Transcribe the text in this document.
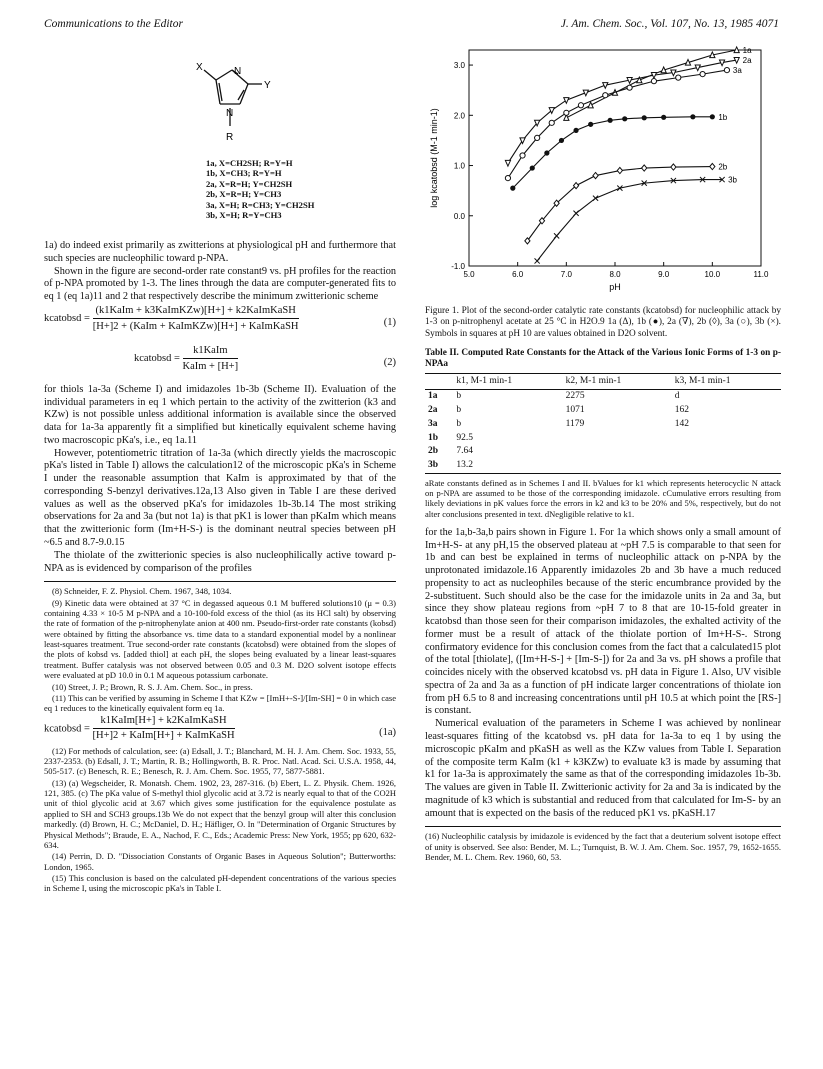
Communications to the Editor	J. Am. Chem. Soc., Vol. 107, No. 13, 1985 4071
X	N
Y
N
R
1a, X=CH2SH; R=Y=H
1b, X=CH3; R=Y=H
2a, X=R=H; Y=CH2SH
2b, X=R=H; Y=CH3
3a, X=H; R=CH3; Y=CH2SH
3b, X=H; R=Y=CH3

1a) do indeed exist primarily as zwitterions at physiological pH and furthermore that such species are nucleophilic toward p-NPA.

Shown in the figure are second-order rate constant9 vs. pH profiles for the reaction of p-NPA promoted by 1-3. The lines through the data are computer-generated fits to eq 1 (eq 1a)11 and 2 that respectively describe the minimum zwitterionic scheme

kcatobsd = $\frac{\text{(k1KaIm + k3KaImKZw)[H+] + k2KaImKaSH}}{\text{[H+]2 + (KaIm + KaImKZw)[H+] + KaImKaSH}}$	(1)
kcatobsd = $\frac{\text{k1KaIm}}{\text{KaIm + [H+]}}$	(2)

for thiols 1a-3a (Scheme I) and imidazoles 1b-3b (Scheme II). Evaluation of the individual parameters in eq 1 which pertain to the activity of the zwitterion (k3 and KZw) is not possible unless additional information is available since the observed data for 1a-3a apparently fit a simplified but kinetically equivalent scheme having two macroscopic pKa's, i.e., eq 1a.11

However, potentiometric titration of 1a-3a (which directly yields the macroscopic pKa's listed in Table I) allows the calculation12 of the microscopic pKa's in Scheme I under the reasonable assumption that KaIm is approximated by that of the corresponding S-benzyl derivatives.12a,13 Also given in Table I are these derived values as well as the observed pKa's for imidazoles 1b-3b.14 The most striking observations for 2a and 3a (but not 1a) is that pK1 is lower than pKaIm which means that the zwitterionic form (Im+H-S-) is the dominant neutral species between pH ~6.5 and 8.7-9.0.15

The thiolate of the zwitterionic species is also nucleophilically active toward p-NPA as is evidenced by comparison of the profiles

(8) Schneider, F. Z. Physiol. Chem. 1967, 348, 1034.
(9) Kinetic data were obtained at 37 °C in degassed aqueous 0.1 M buffered solutions10 (μ = 0.3) containing 4.33 × 10-5 M p-NPA and a 10-100-fold excess of the thiol (as its HCl salt) by observing the rate of formation of the p-nitrophenylate anion at 400 nm. Pseudo-first-order rate constants (kobsd) were obtained by fitting the absorbance vs. time data to a standard exponential model by a nonlinear least-squares treatment. True second-order rate constants (kcatobsd) were obtained from the slopes of the plots of kobsd vs. [added thiol] at each pH, the slopes being evaluated by a linear least-squares treatment. Buffer catalysis was not observed between 0.05 and 0.3 M. D2O solvent isotope effects were evaluated at pD 10.0 in 0.1 M aqueous potassium carbonate.
(10) Street, J. P.; Brown, R. S. J. Am. Chem. Soc., in press.
(11) This can be verified by assuming in Scheme I that KZw = [ImH+-S-]/[Im-SH] = 0 in which case eq 1 reduces to the kinetically equivalent form eq 1a.
kcatobsd = $\frac{\text{k1KaIm[H+] + k2KaImKaSH}}{\text{[H+]2 + KaIm[H+] + KaImKaSH}}$	(1a)
(12) For methods of calculation, see: (a) Edsall, J. T.; Blanchard, M. H. J. Am. Chem. Soc. 1933, 55, 2337-2353. (b) Edsall, J. T.; Martin, R. B.; Hollingworth, B. R. Proc. Natl. Acad. Sci. U.S.A. 1958, 44, 505-517. (c) Benesch, R. E.; Benesch, R. J. Am. Chem. Soc. 1955, 77, 5877-5881.
(13) (a) Wegscheider, R. Monatsh. Chem. 1902, 23, 287-316. (b) Ebert, L. Z. Physik. Chem. 1926, 121, 385. (c) The pKa value of S-methyl thiol glycolic acid at 3.72 is nearly equal to that of the CO2H unit of thiol glycolic acid at 3.67 which gives some justification for the equivalence postulate as applied to SH and SCH3 groups.13b We do not expect that the benzyl group will alter this conclusion markedly. (d) Brown, H. C.; McDaniel, D. H.; Häfliger, O. In "Determination of Organic Structures by Physical Methods"; Braude, E. A., Nachod, F. C., Eds.; Academic Press: New York, 1955; pp 620, 632-634.
(14) Perrin, D. D. "Dissociation Constants of Organic Bases in Aqueous Solution"; Butterworths: London, 1965.
(15) This conclusion is based on the calculated pH-dependent concentrations of the various species in Scheme I, using the microscopic pKa's in Table I.
5.0	6.0	7.0	8.0	9.0	10.0	11.0
-1.0
0.0
1.0
2.0
3.0
pH
log kcatobsd (M-1 min-1)
1a
1b
2a
2b
3a
3b
Figure 1. Plot of the second-order catalytic rate constants (kcatobsd) for nucleophilic attack by 1-3 on p-nitrophenyl acetate at 25 °C in H2O.9 1a (Δ), 1b (●), 2a (∇), 2b (◊), 3a (○), 3b (×). Symbols in squares at pH 10 are values obtained in D2O solvent.
Table II. Computed Rate Constants for the Attack of the Various Ionic Forms of 1-3 on p-NPAa
	k1, M-1 min-1	k2, M-1 min-1	k3, M-1 min-1
1a	b	2275	d
2a	b	1071	162
3a	b	1179	142
1b	92.5		
2b	7.64		
3b	13.2		
aRate constants defined as in Schemes I and II. bValues for k1 which represents heterocyclic N attack on p-NPA are assumed to be those of the corresponding imidazole. cCumulative errors resulting from likely deviations in pK values force the errors in k2 and k3 to be 20% and 5%, respectively, but do not alter conclusions presented in text. dNegligible relative to k1.

for the 1a,b-3a,b pairs shown in Figure 1. For 1a which shows only a small amount of Im+H-S- at any pH,15 the observed plateau at ~pH 7.5 is comparable to that seen for 1b and can best be explained in terms of nucleophilic attack on p-NPA by the unprotonated imidazole.16 Apparently imidazoles 2b and 3b have a much reduced propensity to act as nucleophiles because of the steric encumbrance provided by the 2-substituent. Such should also be the case for the imidazole units in 2a and 3a, but since they show plateau regions from ~pH 7 to 8 that are 10-15-fold greater in kcatobsd than those seen for their comparison imidazoles, the exhalted activity of the former must be a result of attack of the thiolate portion of Im+H-S-. Strong confirmatory evidence for this conclusion comes from the fact that a calculated15 plot of the total [thiolate], ([Im+H-S-] + [Im-S-]) for 2a and 3a vs. pH shows a profile that coincides nicely with the observed kcatobsd vs. pH data in Figure 1. Also, UV visible spectra of 2a and 3a as a function of pH indicate larger concentrations of thiolate ion from pH 6.5 to 8 and increasing concentrations until pH 10.5 at which point the [RS-] is constant.

Numerical evaluation of the parameters in Scheme I was achieved by nonlinear least-squares fitting of the kcatobsd vs. pH data for 1a-3a to eq 1 by using the microscopic pKaIm and pKaSH as well as the KZw values from Table I. Separation of the composite term KaIm (k1 + k3KZw) to evaluate k3 is made by assuming that k1 for 1a-3a is approximately the same as that of the corresponding imidazoles 1b-3b. The values are given in Table II. Zwitterionic activity for 2a and 3a is indicated by the magnitude of k3 which is substantial and reduced from that calculated for Im-S- by an amount that is expected on the basis of the reduced pK1 vs. pKaSH.17

(16) Nucleophilic catalysis by imidazole is evidenced by the fact that a deuterium solvent isotope effect of unity is observed. See also: Bender, M. L.; Turnquist, B. W. J. Am. Chem. Soc. 1957, 79, 1652-1655. Bender, M. L. Chem. Rev. 1960, 60, 53.
